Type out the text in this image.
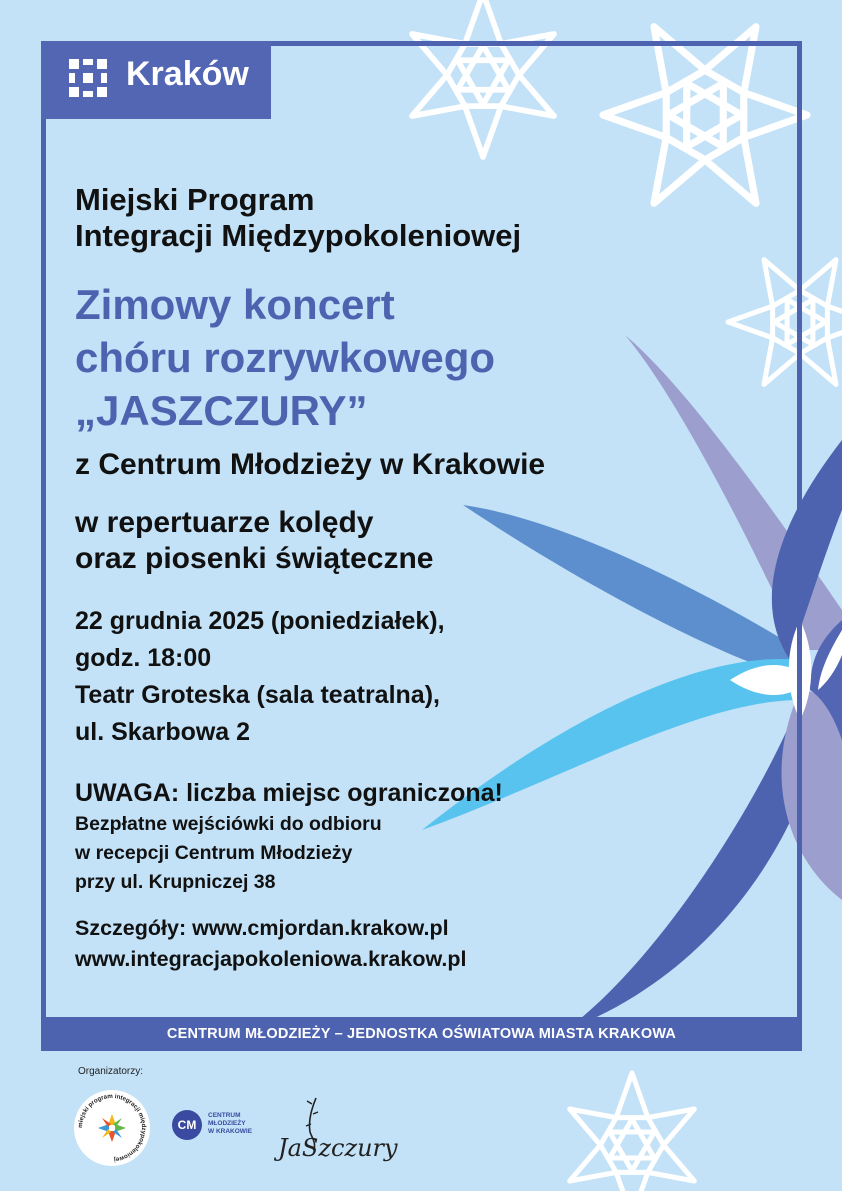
Kraków
Miejski Program
Integracji Międzypokoleniowej
Zimowy koncert
chóru rozrywkowego
„JASZCZURY”
z Centrum Młodzieży w Krakowie
w repertuarze kolędy
oraz piosenki świąteczne
22 grudnia 2025 (poniedziałek),
godz. 18:00
Teatr Groteska (sala teatralna),
ul. Skarbowa 2
UWAGA: liczba miejsc ograniczona!
Bezpłatne wejściówki do odbioru
w recepcji Centrum Młodzieży
przy ul. Krupniczej 38
Szczegóły: www.cmjordan.krakow.pl
www.integracjapokoleniowa.krakow.pl
CENTRUM MŁODZIEŻY – JEDNOSTKA OŚWIATOWA MIASTA KRAKOWA
Organizatorzy:
miejski program integracji międzypokoleniowej
CM
CENTRUM
MŁODZIEŻY
W KRAKOWIE
JaSzczury
